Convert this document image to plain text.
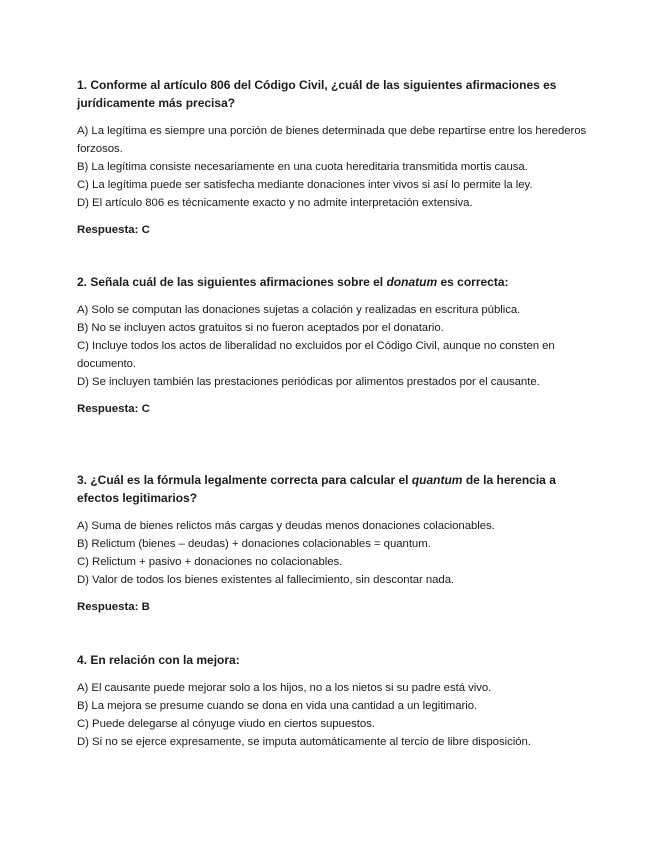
1. Conforme al artículo 806 del Código Civil, ¿cuál de las siguientes afirmaciones es jurídicamente más precisa?

A) La legítima es siempre una porción de bienes determinada que debe repartirse entre los herederos forzosos.

B) La legítima consiste necesariamente en una cuota hereditaria transmitida mortis causa.

C) La legítima puede ser satisfecha mediante donaciones inter vivos si así lo permite la ley.

D) El artículo 806 es técnicamente exacto y no admite interpretación extensiva.

Respuesta: C

2. Señala cuál de las siguientes afirmaciones sobre el donatum es correcta:

A) Solo se computan las donaciones sujetas a colación y realizadas en escritura pública.

B) No se incluyen actos gratuitos si no fueron aceptados por el donatario.

C) Incluye todos los actos de liberalidad no excluidos por el Código Civil, aunque no consten en documento.

D) Se incluyen también las prestaciones periódicas por alimentos prestados por el causante.

Respuesta: C

3. ¿Cuál es la fórmula legalmente correcta para calcular el quantum de la herencia a efectos legitimarios?

A) Suma de bienes relictos más cargas y deudas menos donaciones colacionables.

B) Relictum (bienes – deudas) + donaciones colacionables = quantum.

C) Relictum + pasivo + donaciones no colacionables.

D) Valor de todos los bienes existentes al fallecimiento, sin descontar nada.

Respuesta: B

4. En relación con la mejora:

A) El causante puede mejorar solo a los hijos, no a los nietos si su padre está vivo.

B) La mejora se presume cuando se dona en vida una cantidad a un legitimario.

C) Puede delegarse al cónyuge viudo en ciertos supuestos.

D) Si no se ejerce expresamente, se imputa automáticamente al tercio de libre disposición.
